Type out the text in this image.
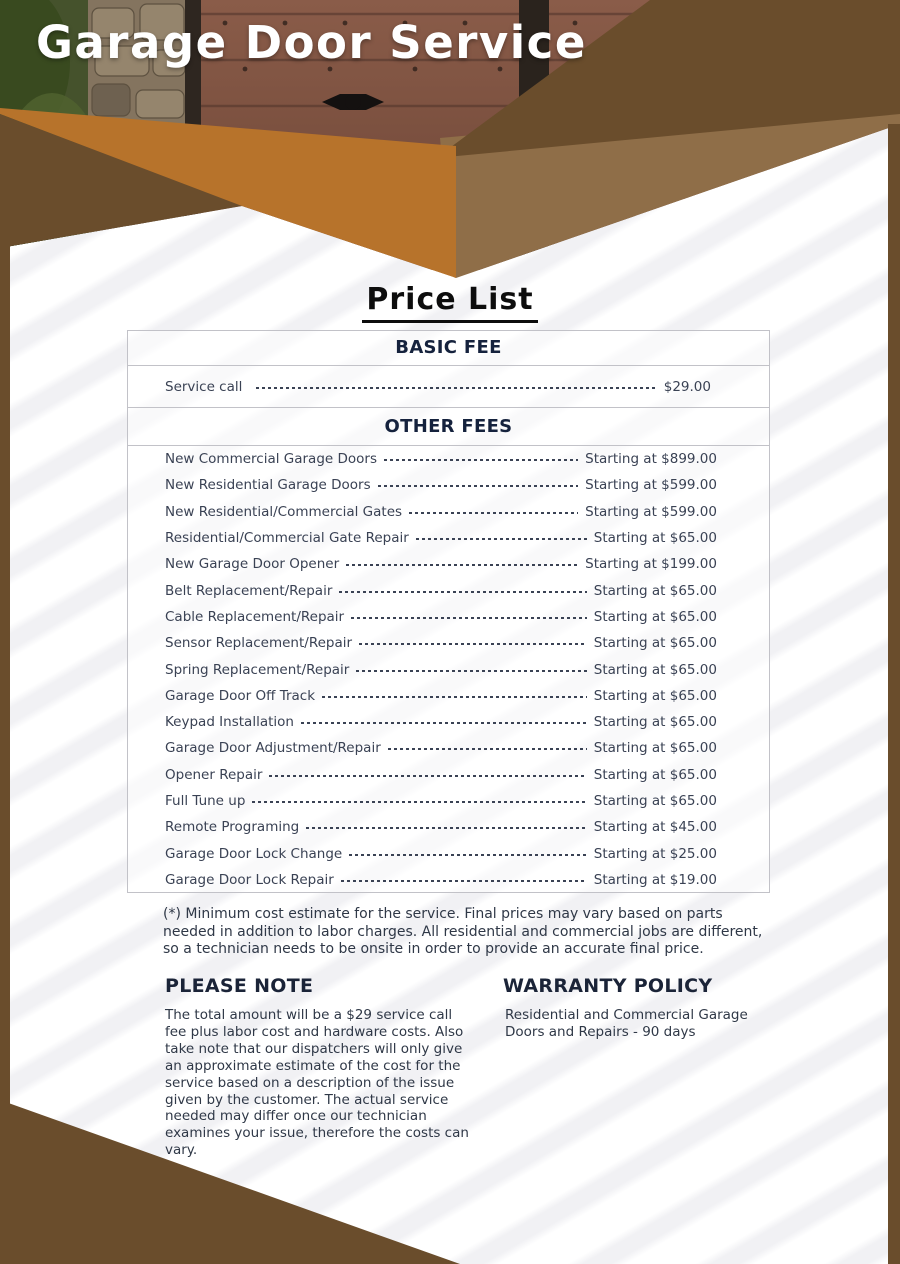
Garage Door Service
Price List
BASIC FEE
Service call	$29.00
OTHER FEES
New Commercial Garage Doors	Starting at $899.00
New Residential Garage Doors	Starting at $599.00
New Residential/Commercial Gates	Starting at $599.00
Residential/Commercial Gate Repair	Starting at $65.00
New Garage Door Opener	Starting at $199.00
Belt Replacement/Repair	Starting at $65.00
Cable Replacement/Repair	Starting at $65.00
Sensor Replacement/Repair	Starting at $65.00
Spring Replacement/Repair	Starting at $65.00
Garage Door Off Track	Starting at $65.00
Keypad Installation	Starting at $65.00
Garage Door Adjustment/Repair	Starting at $65.00
Opener Repair	Starting at $65.00
Full Tune up	Starting at $65.00
Remote Programing	Starting at $45.00
Garage Door Lock Change	Starting at $25.00
Garage Door Lock Repair	Starting at $19.00
(*) Minimum cost estimate for the service. Final prices may vary based on parts needed in addition to labor charges. All residential and commercial jobs are different, so a technician needs to be onsite in order to provide an accurate final price.
PLEASE NOTE	WARRANTY POLICY
The total amount will be a $29 service call fee plus labor cost and hardware costs. Also take note that our dispatchers will only give an approximate estimate of the cost for the service based on a description of the issue given by the customer. The actual service needed may differ once our technician examines your issue, therefore the costs can vary.
Residential and Commercial Garage Doors and Repairs - 90 days
